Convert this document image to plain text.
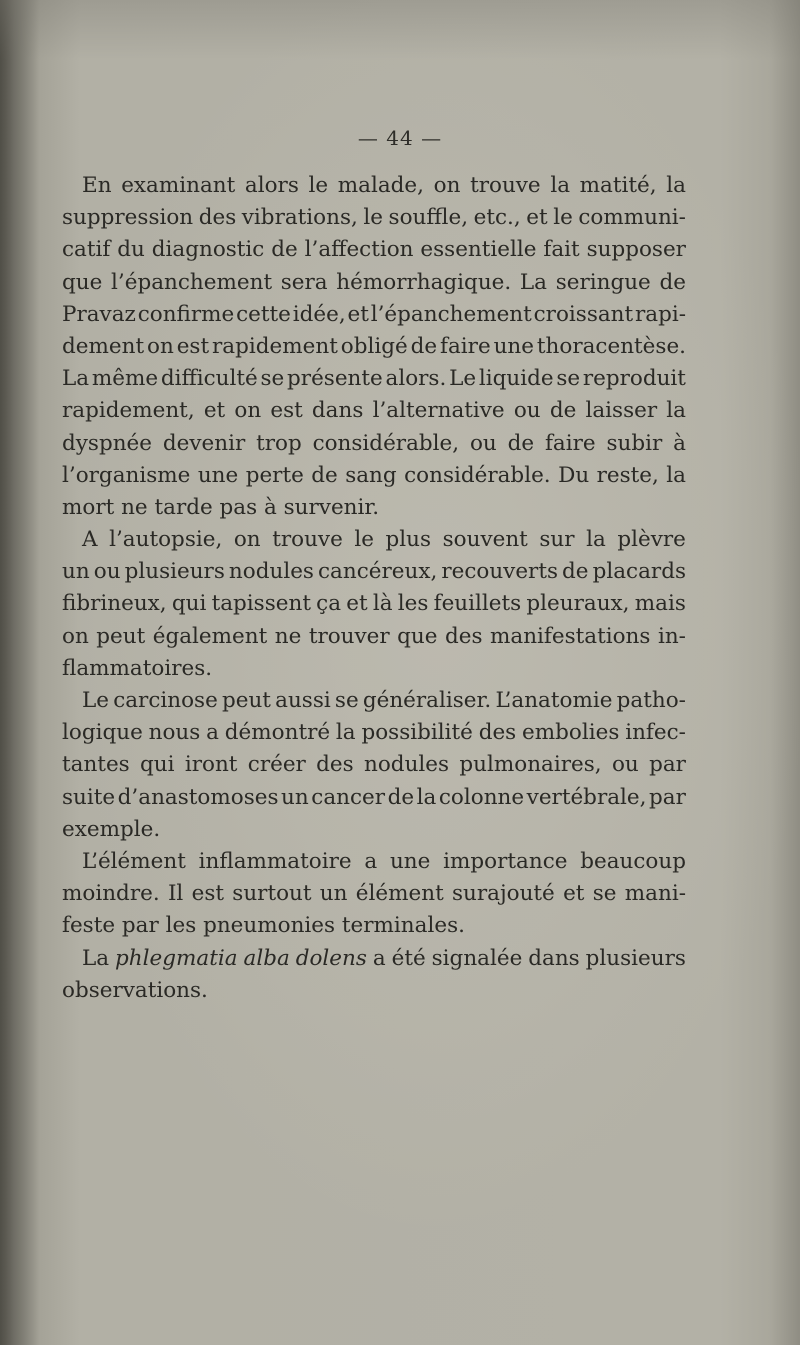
— 44 —
En examinant alors le malade, on trouve la matité, la
suppression des vibrations, le souffle, etc., et le communi-
catif du diagnostic de l’affection essentielle fait supposer
que l’épanchement sera hémorrhagique. La seringue de
Pravaz confirme cette idée, et l’épanchement croissant rapi-
dement on est rapidement obligé de faire une thoracentèse.
La même difficulté se présente alors. Le liquide se reproduit
rapidement, et on est dans l’alternative ou de laisser la
dyspnée devenir trop considérable, ou de faire subir à
l’organisme une perte de sang considérable. Du reste, la
mort ne tarde pas à survenir.
A l’autopsie, on trouve le plus souvent sur la plèvre
un ou plusieurs nodules cancéreux, recouverts de placards
fibrineux, qui tapissent ça et là les feuillets pleuraux, mais
on peut également ne trouver que des manifestations in-
flammatoires.
Le carcinose peut aussi se généraliser. L’anatomie patho-
logique nous a démontré la possibilité des embolies infec-
tantes qui iront créer des nodules pulmonaires, ou par
suite d’anastomoses un cancer de la colonne vertébrale, par
exemple.
L’élément inflammatoire a une importance beaucoup
moindre. Il est surtout un élément surajouté et se mani-
feste par les pneumonies terminales.
La phlegmatia alba dolens a été signalée dans plusieurs
observations.
